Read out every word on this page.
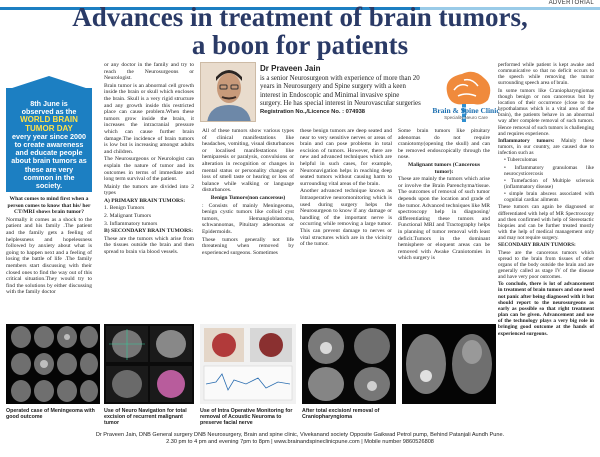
ADVERTORIAL
Advances in treatment of brain tumors,
a boon for patients
8th June is
observed as the
WORLD BRAIN TUMOR DAY
every year since 2000 to create awareness and educate people about brain tumors as these are very common in the society.

What comes to mind first when a person comes to know that his/ her CT/MRI shows brain tumor?

Normally it comes as a shock to the patient and his family .The patient and the family gets a feeling of helplessness and hopelessness followed by anxiety about what is going to happen next and a feeling of losing the battle of life .The family members start discussing with their closed ones to find the way out of this critical situation.They would try to find the solutions by either discussing with the family doctor

or any doctor in the family and try to reach the Neurosurgeons or Neurologist.

Brain tumor is an abnormal cell growth inside the brain or skull which encloses the brain. Skull is a very rigid structure and any growth inside this restricted place can cause problem.When these tumors grow inside the brain, it increases the intracranial pressure which can cause further brain damage.The incidence of brain tumors is low but is increasing amongst adults and children.

The Neurosurgeons or Neurologist can explain the nature of tumor and its outcomes in terms of immediate and long term survival of the patient.

Mainly the tumors are divided into 2 types

A) PRIMARY BRAIN TUMORS:

1. Benign Tumors

2. Malignant Tumors

3. Inflammatory tumors

B) SECONDARY BRAIN TUMORS:

These are the tumors which arise from the tissues outside the brain and then spread to brain via blood vessels.

Dr Praveen Jain
is a senior Neurosurgeon with experience of more than 20 years in Neurosurgery and Spine surgery with a keen interest in Endoscopic and Minimal invasive spine surgery. He has special interest in Neurovascular surgeries
Registration No.,/Licence No. : 074938	Brain & Spine Clinic
Speciality Neuro Care

All of these tumors show various types of clinical manifestations like headaches, vomiting, visual disturbances or localised manifestations like hemiparesis or paralysis, convulsions or alteration in recognition or changes in mental status or personality changes or loss of smell taste or hearing or loss of balance while walking or language disturbances.

Benign Tumors(non cancerous)

: Consists of mainly Meningeoma, benign cystic tumors like colloid cyst tumors, Hemangioblastoma, schwannomas, Pituitary adenomas or Epidermoids.

These tumors generally not life threatening when removed by experienced surgeons. Sometimes

these benign tumors are deep seated and near to very sensitive nerves or areas of brain and can pose problems in total excision of tumors. However, there are new and advanced techniques which are helpful in such cases, for example, Neuronavigation helps in reaching deep seated tumors without causing harm to surrounding vital areas of the brain.

Another advanced technique known as Intraoperative neuromonitoring which is used during surgery helps the Neurosurgeon to know if any damage or handling of the important nerve is occurring while removing a large tumor. This can prevent damage to nerves or vital structures which are in the vicinity of the tumor.

Some brain tumors like pituitary adenomas do not require craniotomy(opening the skull) and can be removed endoscopically through the nose.

Malignant tumors (Cancerous tumor):

These are mainly the tumors which arise or involve the Brain Parenchyma/tissue. The outcomes of removal of such tumor depends upon the location and grade of the tumor. Advanced techniques like MR spectroscopy help in diagnosing/ differentiating these tumors and Functional MRI and Tractography helps in planning of tumor removal with least deficit.Tumors in the dominant hemisphere or eloquent areas can be removed with Awake Craniotomies in which surgery is

performed while patient is kept awake and communicative so that no deficit occurs to the speech while removing the tumor surrounding speech area of brain.

In some tumors like Craniopharyngiomas though benign or non cancerous but by location of their occurrence (close to the hypothalamus which is a vital area of the brain), the patients behave in an abnormal way after complete removal of such tumors. Hence removal of such tumors is challenging and requires experience.

Inflammatory tumors: Mainly these tumors, in our country, are caused due to infection such as

• Tuberculomas

• Inflammatory granulomas like neurocysticercosis

• Tumefaction of Multiple sclerosis (inflammatory disease)

• simple brain abscess associated with cognitial cardiac ailments

These tumors can again be diagnosed or differentiated with help of MR Spectroscopy and then confirmed with help of Stereotactic biopsies and can be further treated mostly with the help of medical management only and may not require surgery.

SECONDARY BRAIN TUMORS:

These are the cancerous tumors which spread to the brain from tissues of other organs of the body outside the brain and are generally called as stage IV of the disease and have very poor outcomes.

To conclude, there is lot of advancement in treatment of brain tumors and one need not panic after being diagnosed with it but should report to the neurosurgeons as early as possible so that right treatment plan can be given. Advancement and use of the technology plays a very big role in bringing good outcome at the hands of experienced surgeons.

Operated case of Meningeoma with good outcome
Use of Neuro Navigation for total excision of recurrent malignant tumor
Use of Intra Operative Monitoring for removal of Acoustic Neuroma to preserve facial nerve
After total excision/ removal of Craniopharyngioma
Dr Praveen Jain, DNB General surgery DNB Neurosurgery, Brain and spine clinic, Vivekanand society Opposite Gaikwad Petrol pump, Behind Patanjali Aundh Pune.
2.30 pm to 4 pm and evening 7pm to 8pm | www.brainandspineclinicpune.com | Mobile number 9860526808
